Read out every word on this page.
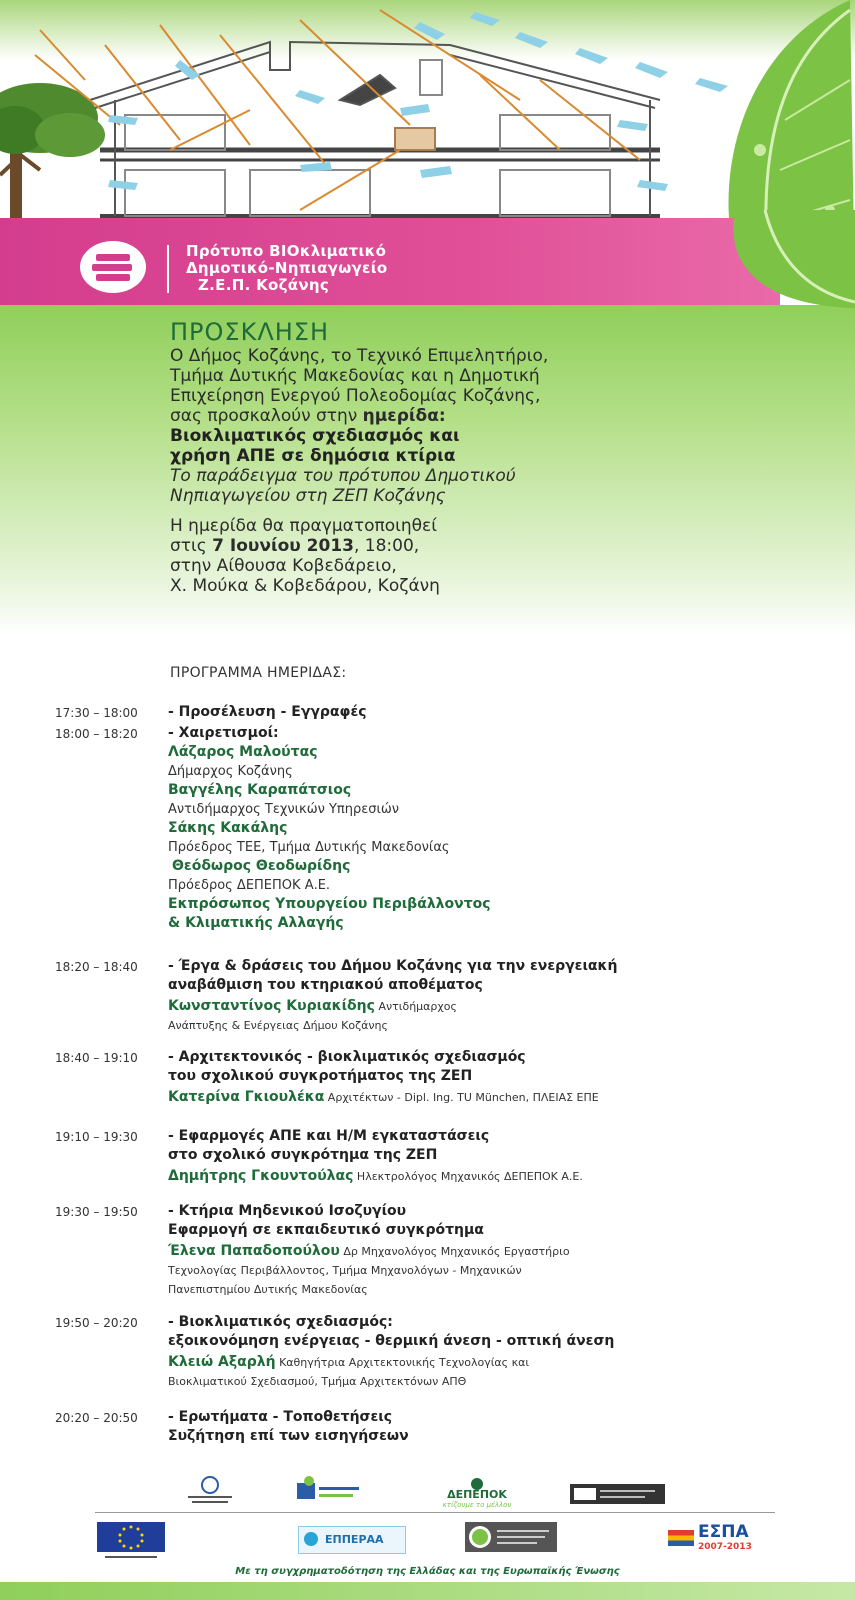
Πρότυπο ΒΙΟκλιματικό
Δημοτικό-Νηπιαγωγείο
Ζ.Ε.Π. Κοζάνης
ΠΡΟΣΚΛΗΣΗ
Ο Δήμος Κοζάνης, το Τεχνικό Επιμελητήριο,
Τμήμα Δυτικής Μακεδονίας και η Δημοτική
Επιχείρηση Ενεργού Πολεοδομίας Κοζάνης,
σας προσκαλούν στην ημερίδα:
Βιοκλιματικός σχεδιασμός και
χρήση ΑΠΕ σε δημόσια κτίρια
Το παράδειγμα του πρότυπου Δημοτικού
Νηπιαγωγείου στη ΖΕΠ Κοζάνης
Η ημερίδα θα πραγματοποιηθεί
στις 7 Ιουνίου 2013, 18:00,
στην Αίθουσα Κοβεδάρειο,
Χ. Μούκα & Κοβεδάρου, Κοζάνη
ΠΡΟΓΡΑΜΜΑ ΗΜΕΡΙΔΑΣ:
17:30 – 18:00 - Προσέλευση - Εγγραφές
18:00 – 18:20 - Χαιρετισμοί:
Λάζαρος Μαλούτας
Δήμαρχος Κοζάνης
Βαγγέλης Καραπάτσιος
Αντιδήμαρχος Τεχνικών Υπηρεσιών
Σάκης Κακάλης
Πρόεδρος ΤΕΕ, Τμήμα Δυτικής Μακεδονίας
Θεόδωρος Θεοδωρίδης
Πρόεδρος ΔΕΠΕΠΟΚ Α.Ε.
Εκπρόσωπος Υπουργείου Περιβάλλοντος
& Κλιματικής Αλλαγής
18:20 – 18:40 - Έργα & δράσεις του Δήμου Κοζάνης για την ενεργειακή
αναβάθμιση του κτηριακού αποθέματος
Κωνσταντίνος Κυριακίδης Αντιδήμαρχος
Ανάπτυξης & Ενέργειας Δήμου Κοζάνης
18:40 – 19:10 - Αρχιτεκτονικός - βιοκλιματικός σχεδιασμός
του σχολικού συγκροτήματος της ΖΕΠ
Κατερίνα Γκιουλέκα Αρχιτέκτων - Dipl. Ing. TU München, ΠΛΕΙΑΣ ΕΠΕ
19:10 – 19:30 - Εφαρμογές ΑΠΕ και Η/Μ εγκαταστάσεις
στο σχολικό συγκρότημα της ΖΕΠ
Δημήτρης Γκουντούλας Ηλεκτρολόγος Μηχανικός ΔΕΠΕΠΟΚ Α.Ε.
19:30 – 19:50 - Κτήρια Μηδενικού Ισοζυγίου
Εφαρμογή σε εκπαιδευτικό συγκρότημα
Έλενα Παπαδοπούλου Δρ Μηχανολόγος Μηχανικός Εργαστήριο
Τεχνολογίας Περιβάλλοντος, Τμήμα Μηχανολόγων - Μηχανικών
Πανεπιστημίου Δυτικής Μακεδονίας
19:50 – 20:20 - Βιοκλιματικός σχεδιασμός:
εξοικονόμηση ενέργειας - θερμική άνεση - οπτική άνεση
Κλειώ Αξαρλή Καθηγήτρια Αρχιτεκτονικής Τεχνολογίας και
Βιοκλιματικού Σχεδιασμού, Τμήμα Αρχιτεκτόνων ΑΠΘ
20:20 – 20:50 - Ερωτήματα - Τοποθετήσεις
Συζήτηση επί των εισηγήσεων
ΔΕΠΕΠΟΚ
κτίζουμε το μέλλον
ΕΠΠΕΡΑΑ	ΕΣΠΑ
2007-2013
Με τη συγχρηματοδότηση της Ελλάδας και της Ευρωπαϊκής Ένωσης
